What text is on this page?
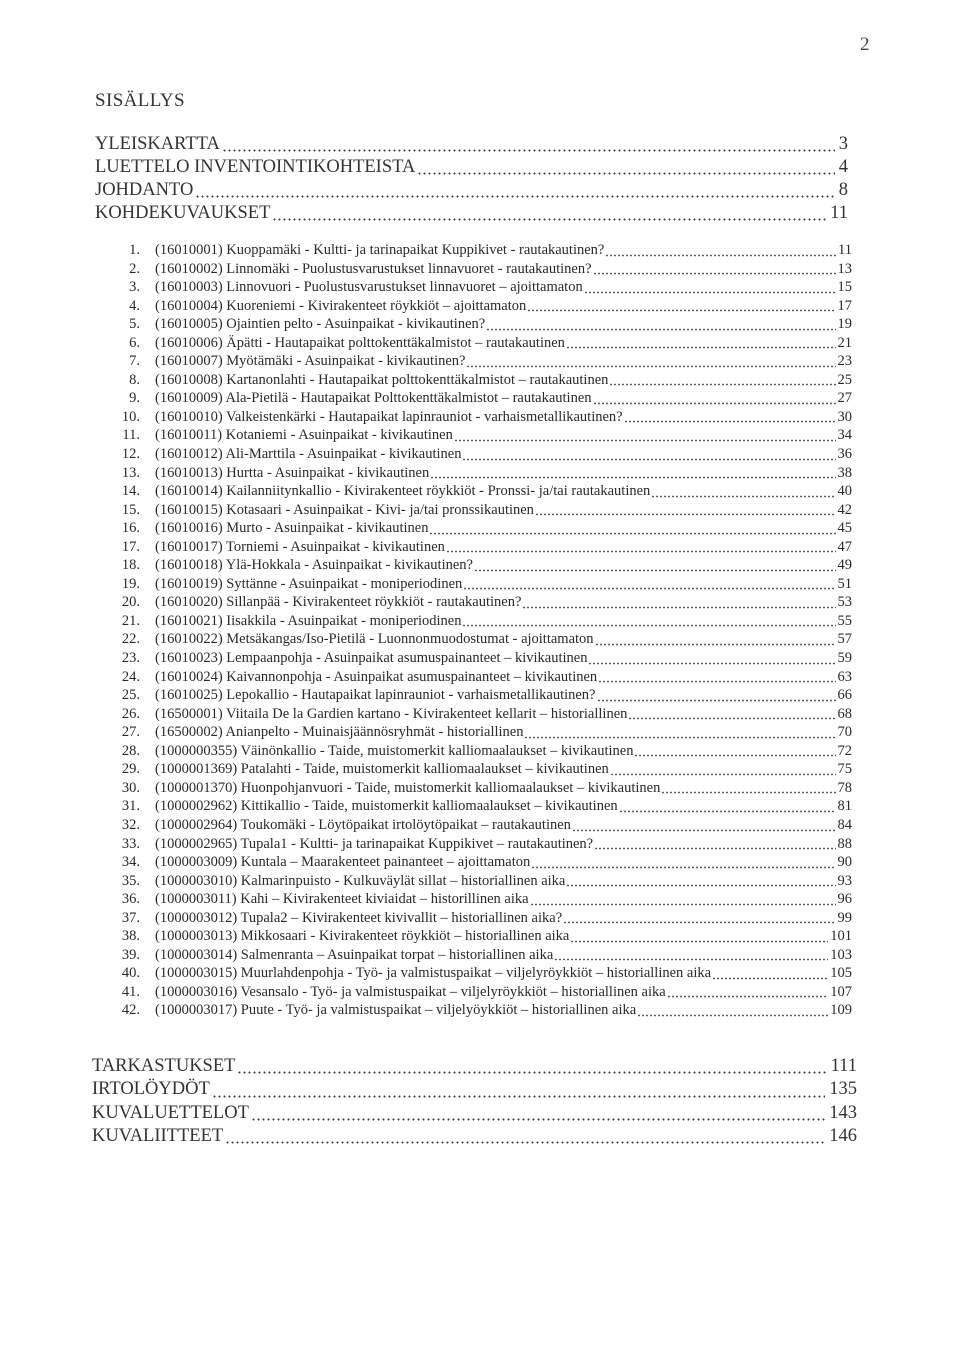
2
SISÄLLYS
YLEISKARTTA	3
LUETTELO INVENTOINTIKOHTEISTA	4
JOHDANTO	8
KOHDEKUVAUKSET	11
1. (16010001) Kuoppamäki - Kultti- ja tarinapaikat Kuppikivet - rautakautinen?	11
2. (16010002) Linnomäki - Puolustusvarustukset linnavuoret - rautakautinen?	13
3. (16010003) Linnovuori - Puolustusvarustukset linnavuoret – ajoittamaton	15
4. (16010004) Kuoreniemi - Kivirakenteet röykkiöt – ajoittamaton	17
5. (16010005) Ojaintien pelto - Asuinpaikat - kivikautinen?	19
6. (16010006) Äpätti - Hautapaikat polttokenttäkalmistot – rautakautinen	21
7. (16010007) Myötämäki - Asuinpaikat - kivikautinen?	23
8. (16010008) Kartanonlahti - Hautapaikat polttokenttäkalmistot – rautakautinen	25
9. (16010009) Ala-Pietilä - Hautapaikat Polttokenttäkalmistot – rautakautinen	27
10. (16010010) Valkeistenkärki - Hautapaikat lapinrauniot - varhaismetallikautinen?	30
11. (16010011) Kotaniemi - Asuinpaikat - kivikautinen	34
12. (16010012) Ali-Marttila - Asuinpaikat - kivikautinen	36
13. (16010013) Hurtta - Asuinpaikat - kivikautinen	38
14. (16010014) Kailanniitynkallio - Kivirakenteet röykkiöt - Pronssi- ja/tai rautakautinen	40
15. (16010015) Kotasaari - Asuinpaikat - Kivi- ja/tai pronssikautinen	42
16. (16010016) Murto - Asuinpaikat - kivikautinen	45
17. (16010017) Torniemi - Asuinpaikat - kivikautinen	47
18. (16010018) Ylä-Hokkala - Asuinpaikat - kivikautinen?	49
19. (16010019) Syttänne - Asuinpaikat - moniperiodinen	51
20. (16010020) Sillanpää - Kivirakenteet röykkiöt - rautakautinen?	53
21. (16010021) Iisakkila - Asuinpaikat - moniperiodinen	55
22. (16010022) Metsäkangas/Iso-Pietilä - Luonnonmuodostumat - ajoittamaton	57
23. (16010023) Lempaanpohja - Asuinpaikat asumuspainanteet – kivikautinen	59
24. (16010024) Kaivannonpohja - Asuinpaikat asumuspainanteet – kivikautinen	63
25. (16010025) Lepokallio - Hautapaikat lapinrauniot - varhaismetallikautinen?	66
26. (16500001) Viitaila De la Gardien kartano - Kivirakenteet kellarit – historiallinen	68
27. (16500002) Anianpelto - Muinaisjäännösryhmät - historiallinen	70
28. (1000000355) Väinönkallio - Taide, muistomerkit kalliomaalaukset – kivikautinen	72
29. (1000001369) Patalahti - Taide, muistomerkit kalliomaalaukset – kivikautinen	75
30. (1000001370) Huonpohjanvuori - Taide, muistomerkit kalliomaalaukset – kivikautinen	78
31. (1000002962) Kittikallio - Taide, muistomerkit kalliomaalaukset – kivikautinen	81
32. (1000002964) Toukomäki - Löytöpaikat irtolöytöpaikat – rautakautinen	84
33. (1000002965) Tupala1 - Kultti- ja tarinapaikat Kuppikivet – rautakautinen?	88
34. (1000003009) Kuntala – Maarakenteet painanteet – ajoittamaton	90
35. (1000003010) Kalmarinpuisto - Kulkuväylät sillat – historiallinen aika	93
36. (1000003011) Kahi – Kivirakenteet kiviaidat – historillinen aika	96
37. (1000003012) Tupala2 – Kivirakenteet kivivallit – historiallinen aika?	99
38. (1000003013) Mikkosaari - Kivirakenteet röykkiöt – historiallinen aika	101
39. (1000003014) Salmenranta – Asuinpaikat torpat – historiallinen aika	103
40. (1000003015) Muurlahdenpohja - Työ- ja valmistuspaikat – viljelyröykkiöt – historiallinen aika	105
41. (1000003016) Vesansalo - Työ- ja valmistuspaikat – viljelyröykkiöt – historiallinen aika	107
42. (1000003017) Puute - Työ- ja valmistuspaikat – viljelyöykkiöt – historiallinen aika	109
TARKASTUKSET	111
IRTOLÖYDÖT	135
KUVALUETTELOT	143
KUVALIITTEET	146
